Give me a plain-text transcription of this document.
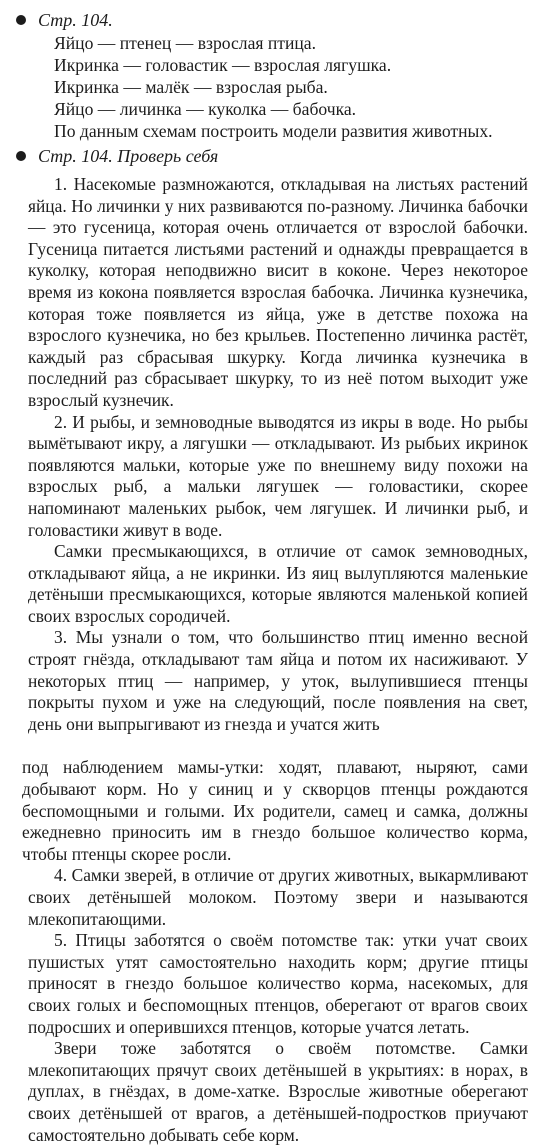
Стр. 104.
Яйцо — птенец — взрослая птица.
Икринка — головастик — взрослая лягушка.
Икринка — малёк — взрослая рыба.
Яйцо — личинка — куколка — бабочка.
По данным схемам построить модели развития животных.
Стр. 104. Проверь себя

1. Насекомые размножаются, откладывая на листьях растений яйца. Но личинки у них развиваются по-разному. Личинка бабочки — это гусеница, которая очень отличается от взрослой бабочки. Гусеница питается листьями растений и однажды превращается в куколку, которая неподвижно висит в коконе. Через некоторое время из кокона появляется взрослая бабочка. Личинка кузнечика, которая тоже появляется из яйца, уже в детстве похожа на взрослого кузнечика, но без крыльев. Постепенно личинка растёт, каждый раз сбрасывая шкурку. Когда личинка кузнечика в последний раз сбрасывает шкурку, то из неё потом выходит уже взрослый кузнечик.

2. И рыбы, и земноводные выводятся из икры в воде. Но рыбы вымётывают икру, а лягушки — откладывают. Из рыбьих икринок появляются мальки, которые уже по внешнему виду похожи на взрослых рыб, а мальки лягушек — головастики, скорее напоминают маленьких рыбок, чем лягушек. И личинки рыб, и головастики живут в воде.

Самки пресмыкающихся, в отличие от самок земноводных, откладывают яйца, а не икринки. Из яиц вылупляются маленькие детёныши пресмыкающихся, которые являются маленькой копией своих взрослых сородичей.

3. Мы узнали о том, что большинство птиц именно весной строят гнёзда, откладывают там яйца и потом их насиживают. У некоторых птиц — например, у уток, вылупившиеся птенцы покрыты пухом и уже на следующий, после появления на свет, день они выпрыгивают из гнезда и учатся жить

под наблюдением мамы-утки: ходят, плавают, ныряют, сами добывают корм. Но у синиц и у скворцов птенцы рождаются беспомощными и голыми. Их родители, самец и самка, должны ежедневно приносить им в гнездо большое количество корма, чтобы птенцы скорее росли.

4. Самки зверей, в отличие от других животных, выкармливают своих детёнышей молоком. Поэтому звери и называются млекопитающими.

5. Птицы заботятся о своём потомстве так: утки учат своих пушистых утят самостоятельно находить корм; другие птицы приносят в гнездо большое количество корма, насекомых, для своих голых и беспомощных птенцов, оберегают от врагов своих подросших и оперившихся птенцов, которые учатся летать.

Звери тоже заботятся о своём потомстве. Самки млекопитающих прячут своих детёнышей в укрытиях: в норах, в дуплах, в гнёздах, в доме-хатке. Взрослые животные оберегают своих детёнышей от врагов, а детёнышей-подростков приучают самостоятельно добывать себе корм.
